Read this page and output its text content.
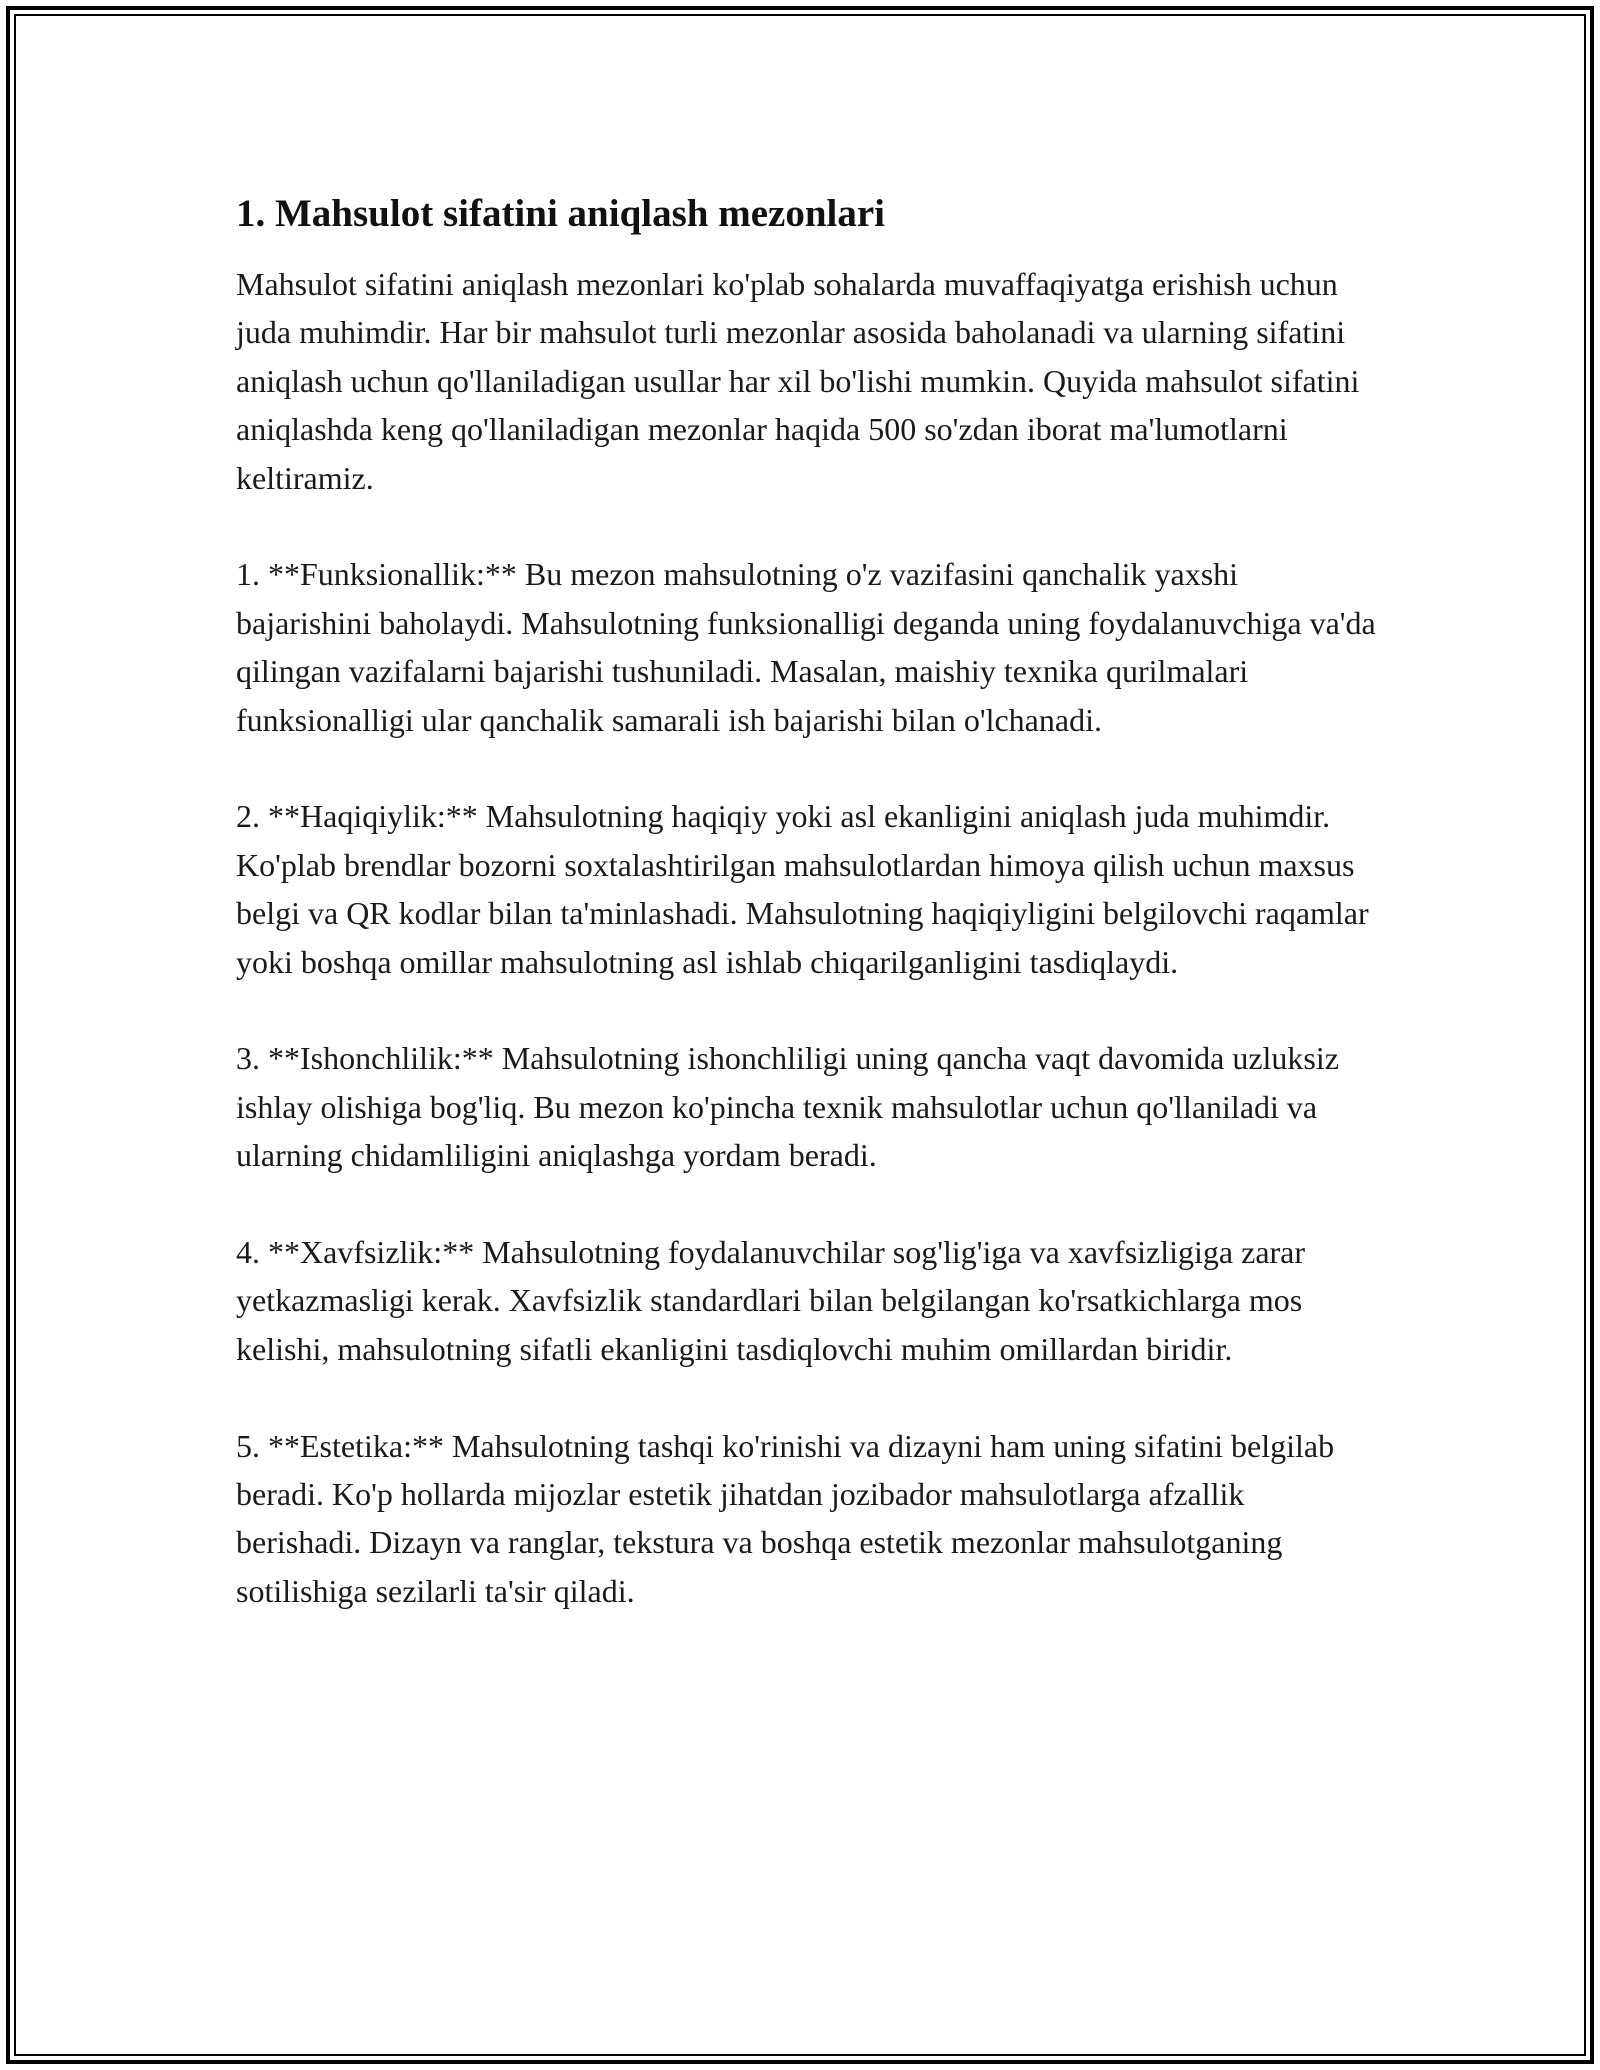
1. Mahsulot sifatini aniqlash mezonlari

Mahsulot sifatini aniqlash mezonlari ko'plab sohalarda muvaffaqiyatga erishish uchun juda muhimdir. Har bir mahsulot turli mezonlar asosida baholanadi va ularning sifatini aniqlash uchun qo'llaniladigan usullar har xil bo'lishi mumkin. Quyida mahsulot sifatini aniqlashda keng qo'llaniladigan mezonlar haqida 500 so'zdan iborat ma'lumotlarni keltiramiz.

1. **Funksionallik:** Bu mezon mahsulotning o'z vazifasini qanchalik yaxshi bajarishini baholaydi. Mahsulotning funksionalligi deganda uning foydalanuvchiga va'da qilingan vazifalarni bajarishi tushuniladi. Masalan, maishiy texnika qurilmalari funksionalligi ular qanchalik samarali ish bajarishi bilan o'lchanadi.

2. **Haqiqiylik:** Mahsulotning haqiqiy yoki asl ekanligini aniqlash juda muhimdir. Ko'plab brendlar bozorni soxtalashtirilgan mahsulotlardan himoya qilish uchun maxsus belgi va QR kodlar bilan ta'minlashadi. Mahsulotning haqiqiyligini belgilovchi raqamlar yoki boshqa omillar mahsulotning asl ishlab chiqarilganligini tasdiqlaydi.

3. **Ishonchlilik:** Mahsulotning ishonchliligi uning qancha vaqt davomida uzluksiz ishlay olishiga bog'liq. Bu mezon ko'pincha texnik mahsulotlar uchun qo'llaniladi va ularning chidamliligini aniqlashga yordam beradi.

4. **Xavfsizlik:** Mahsulotning foydalanuvchilar sog'lig'iga va xavfsizligiga zarar yetkazmasligi kerak. Xavfsizlik standardlari bilan belgilangan ko'rsatkichlarga mos kelishi, mahsulotning sifatli ekanligini tasdiqlovchi muhim omillardan biridir.

5. **Estetika:** Mahsulotning tashqi ko'rinishi va dizayni ham uning sifatini belgilab beradi. Ko'p hollarda mijozlar estetik jihatdan jozibador mahsulotlarga afzallik berishadi. Dizayn va ranglar, tekstura va boshqa estetik mezonlar mahsulotganing sotilishiga sezilarli ta'sir qiladi.
